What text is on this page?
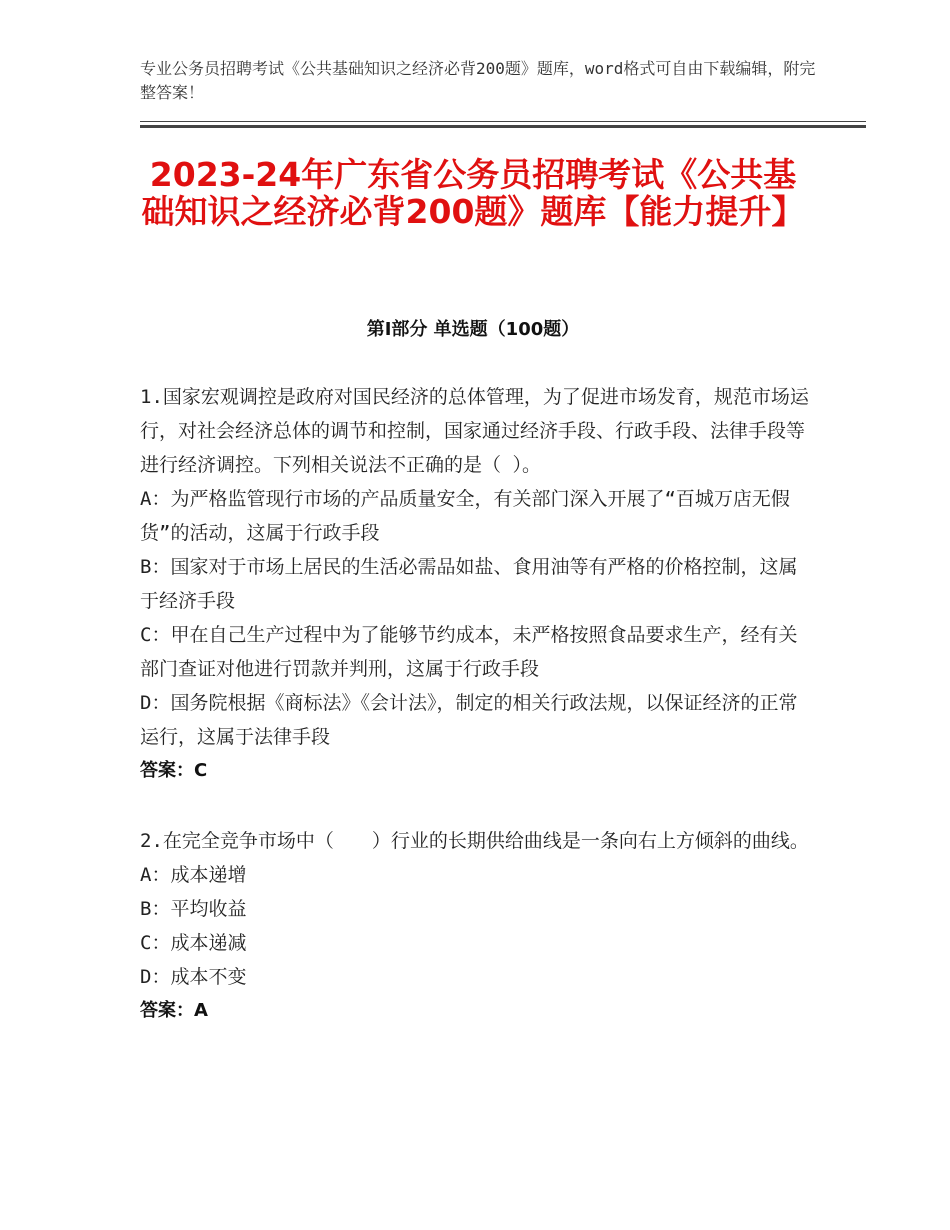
专业公务员招聘考试《公共基础知识之经济必背200题》题库，word格式可自由下载编辑，附完整答案！
2023-24年广东省公务员招聘考试《公共基础知识之经济必背200题》题库【能力提升】
第I部分 单选题（100题）

1.国家宏观调控是政府对国民经济的总体管理，为了促进市场发育，规范市场运行，对社会经济总体的调节和控制，国家通过经济手段、行政手段、法律手段等进行经济调控。下列相关说法不正确的是（ ）。

A：为严格监管现行市场的产品质量安全，有关部门深入开展了“百城万店无假货”的活动，这属于行政手段

B：国家对于市场上居民的生活必需品如盐、食用油等有严格的价格控制，这属于经济手段

C：甲在自己生产过程中为了能够节约成本，未严格按照食品要求生产，经有关部门查证对他进行罚款并判刑，这属于行政手段

D：国务院根据《商标法》《会计法》，制定的相关行政法规，以保证经济的正常运行，这属于法律手段

答案：C

2.在完全竞争市场中（　　）行业的长期供给曲线是一条向右上方倾斜的曲线。

A：成本递增

B：平均收益

C：成本递减

D：成本不变

答案：A
